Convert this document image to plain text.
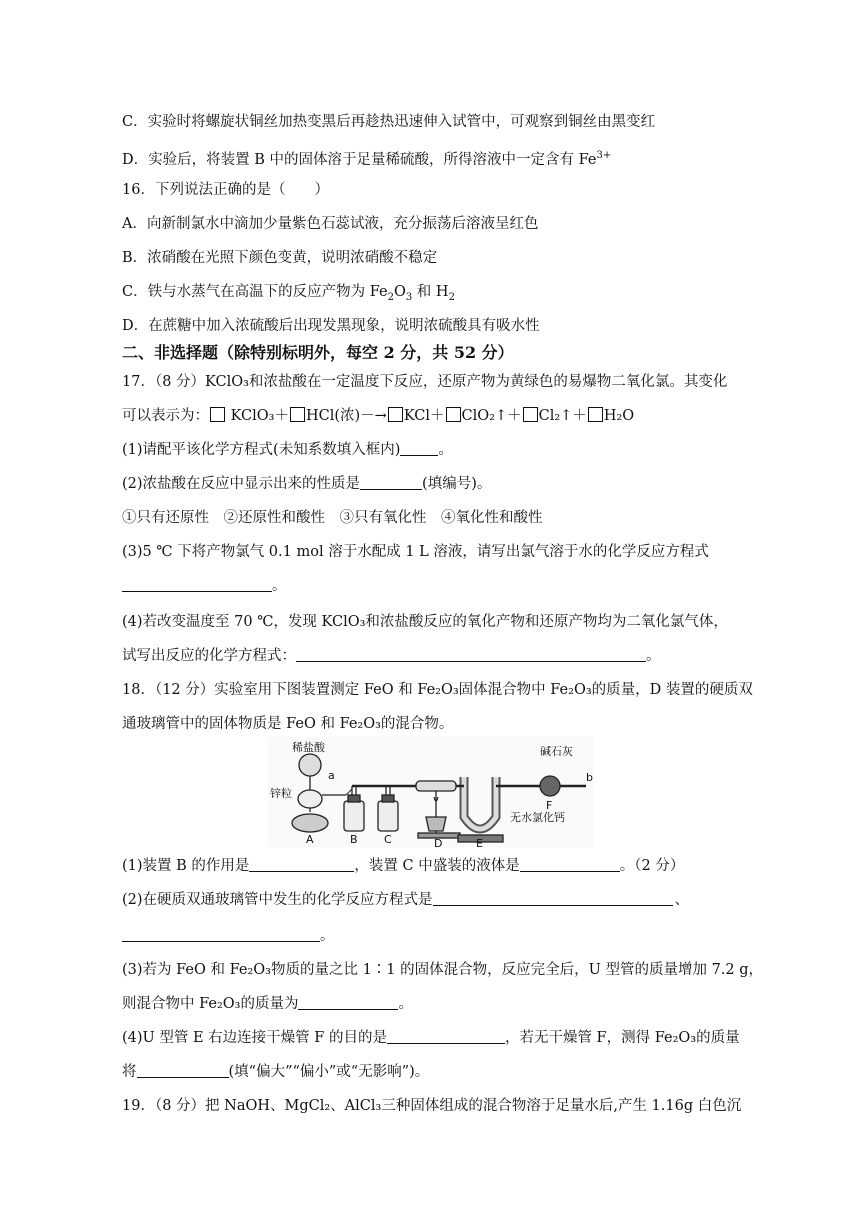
C．实验时将螺旋状铜丝加热变黑后再趁热迅速伸入试管中，可观察到铜丝由黑变红
D．实验后，将装置 B 中的固体溶于足量稀硫酸，所得溶液中一定含有 $Fe^{3+}$
16．下列说法正确的是（　　）
A．向新制氯水中滴加少量紫色石蕊试液，充分振荡后溶液呈红色
B．浓硝酸在光照下颜色变黄，说明浓硝酸不稳定
C．铁与水蒸气在高温下的反应产物为 $Fe_2O_3$ 和 $H_2$
D．在蔗糖中加入浓硫酸后出现发黑现象，说明浓硫酸具有吸水性
二、非选择题（除特别标明外，每空 2 分，共 52 分）
17．（8 分）KClO₃和浓盐酸在一定温度下反应，还原产物为黄绿色的易爆物二氧化氯。其变化
可以表示为： KClO₃＋ HCl(浓)－→ KCl＋ ClO₂↑＋ Cl₂↑＋ H₂O
(1)请配平该化学方程式(未知系数填入框内)	。
(2)浓盐酸在反应中显示出来的性质是	(填编号)。
①只有还原性　②还原性和酸性　③只有氧化性　④氧化性和酸性
(3)5 ℃ 下将产物氯气 0.1 mol 溶于水配成 1 L 溶液，请写出氯气溶于水的化学反应方程式
。
(4)若改变温度至 70 ℃，发现 KClO₃和浓盐酸反应的氧化产物和还原产物均为二氧化氯气体，
试写出反应的化学方程式：	。
18．（12 分）实验室用下图装置测定 FeO 和 Fe₂O₃固体混合物中 Fe₂O₃的质量，D 装置的硬质双
通玻璃管中的固体物质是 FeO 和 Fe₂O₃的混合物。
稀盐酸
锌粒
a
碱石灰
b
F
无水氯化钙
A	B C	D	E
(1)装置 B 的作用是	，装置 C 中盛装的液体是	。（2 分）
(2)在硬质双通玻璃管中发生的化学反应方程式是	、
。
(3)若为 FeO 和 Fe₂O₃物质的量之比 1∶1 的固体混合物，反应完全后，U 型管的质量增加 7.2 g，
则混合物中 Fe₂O₃的质量为	。
(4)U 型管 E 右边连接干燥管 F 的目的是	，若无干燥管 F，测得 Fe₂O₃的质量
将	(填“偏大”“偏小”或“无影响”)。
19．（8 分）把 NaOH、MgCl₂、AlCl₃三种固体组成的混合物溶于足量水后,产生 1.16g 白色沉
